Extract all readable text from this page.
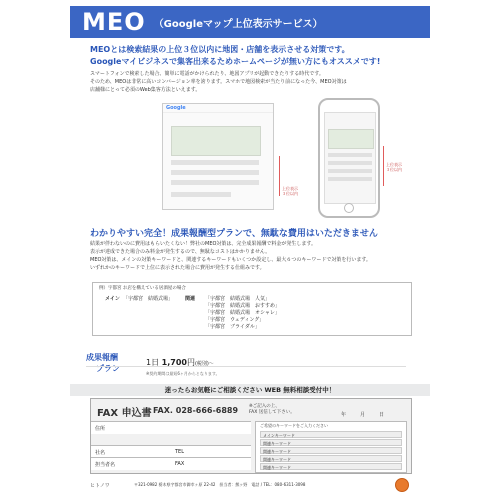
MEO （Googleマップ上位表示サービス）
MEOとは検索結果の上位３位以内に地図・店舗を表示させる対策です。
Googleマイビジネスで集客出来るためホームページが無い方にもオススメです!
スマートフォンで検索した場合、簡単に電話がかけられたり、地図アプリが起動できたりする時代です。
そのため、MEOは非常に高いコンバージョン率を誇ります。スマホで地図検索が当たり前になった今、MEO対策は
店舗様にとって必須のWeb集客方法といえます。
Google
上位表示
３位以内
上位表示
３位以内
わかりやすい完全！成果報酬型プランで、無駄な費用はいただきません
結果が伴わないのに費用はもらいたくない！弊社のMEO対策は、完全成果報酬で料金が発生します。
表示が達成できた場合のみ料金が発生するので、無駄なコストはかかりません。
MEO対策は、メインの対策キーワードと、関連するキーワードもいくつか設定し、最大６つのキーワードで対策を行います。
いずれかのキーワードで上位に表示された場合に費用が発生する仕組みです。
例）宇都宮 お店を構えている居酒屋の場合
メイン 「宇都宮　結婚式場」 関連 「宇都宮　結婚式場　人気」
「宇都宮　結婚式場　おすすめ」
「宇都宮　結婚式場　オシャレ」
「宇都宮　ウェディング」
「宇都宮　ブライダル」
成果報酬
プラン
1日 1,700円(税別)～
※契約期間は最短6ヶ月からとなります。
迷ったらお気軽にご相談ください WEB 無料相談受付中！
FAX 申込書 FAX. 028-666-6889 ※ご記入の上、
FAX 送信して下さい。	年	月	日
住所
社名	TEL
担当者名	FAX
ご希望のキーワードをご入力ください
メインキーワード
関連キーワード
関連キーワード
関連キーワード
関連キーワード
ヒトノワ	〒321-0982 栃木県宇都宮市御幸ヶ原 22-42　担当者：熊ヶ野　電話 / TEL：080-6311-3098
